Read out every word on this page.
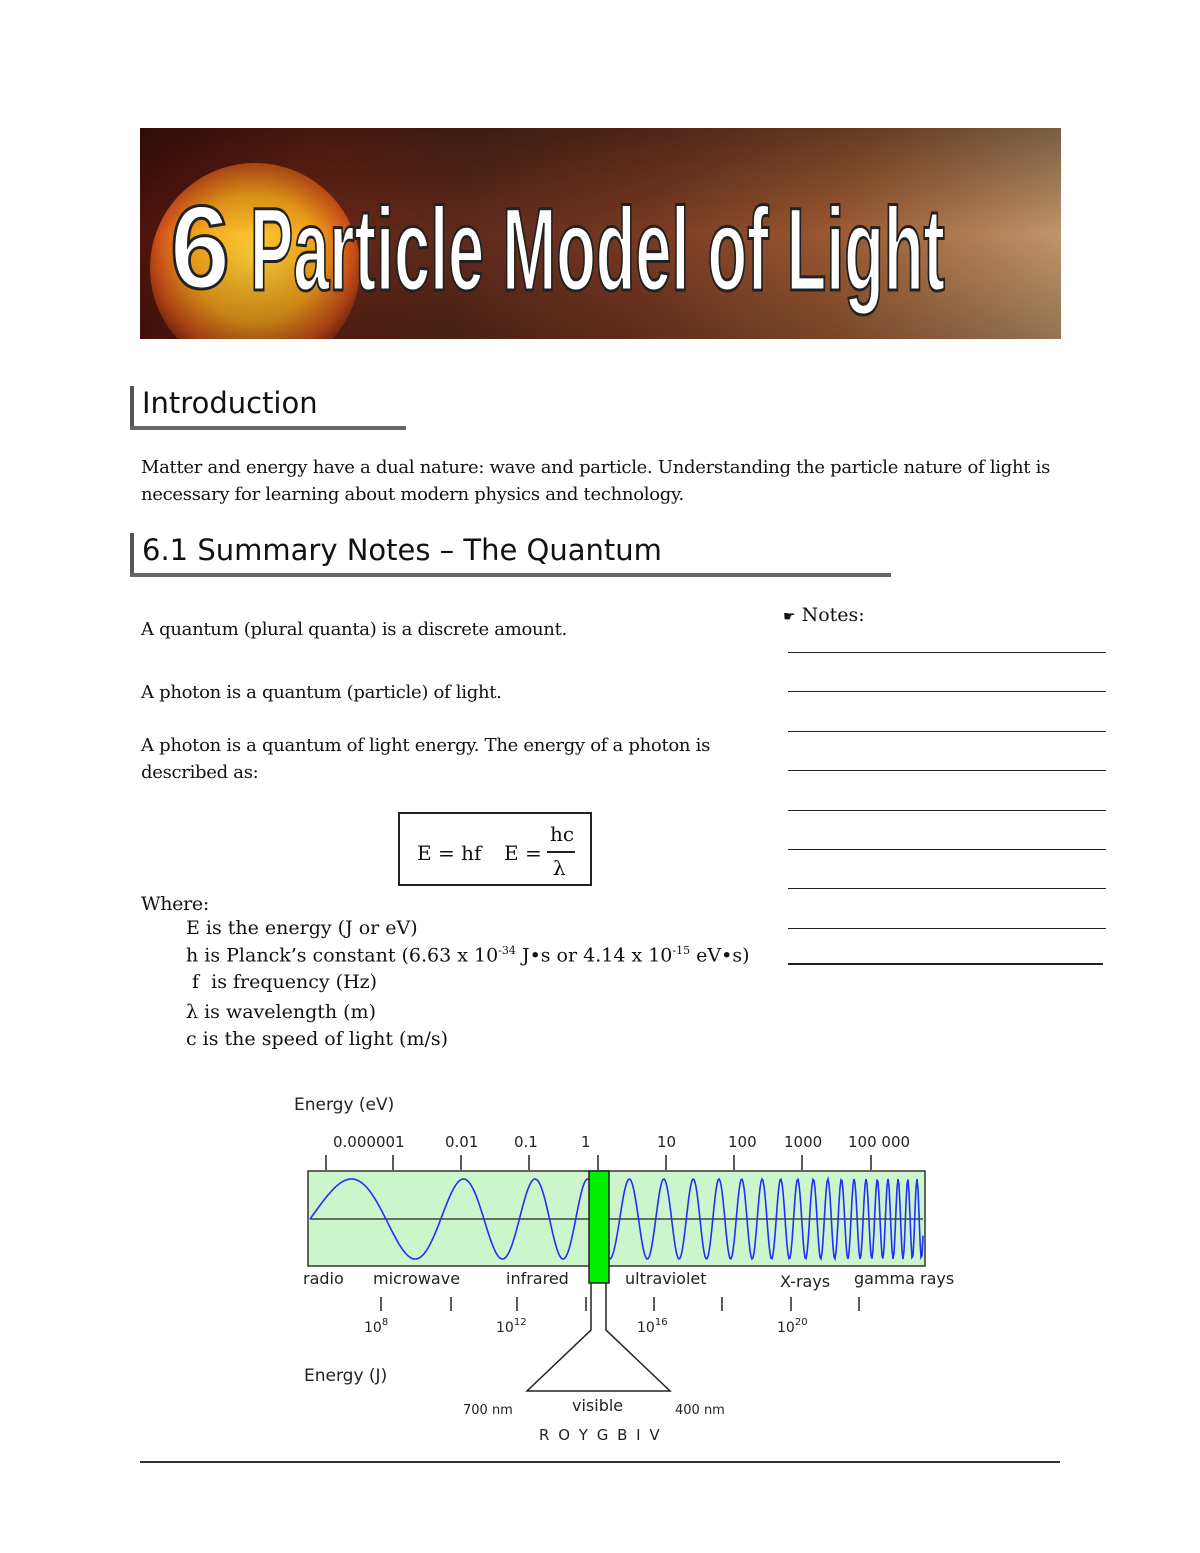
6 Particle Model of Light
Introduction
Matter and energy have a dual nature: wave and particle. Understanding the particle nature of light is
necessary for learning about modern physics and technology.
6.1 Summary Notes – The Quantum
A quantum (plural quanta) is a discrete amount.
A photon is a quantum (particle) of light.
A photon is a quantum of light energy. The energy of a photon is
described as:
E = hf E =
hc
λ
Where:
E is the energy (J or eV)
h is Planck’s constant (6.63 x $10^{-34}$ J•s or 4.14 x $10^{-15}$ eV•s)
f  is frequency (Hz)
λ is wavelength (m)
c is the speed of light (m/s)
☛ Notes:
Energy (eV)
0.000001	0.01 0.1	1	10	100 1000 100 000
radio microwave	infrared	ultraviolet	X-rays gamma rays
$10^8$	$10^{12}$	$10^{16}$	$10^{20}$
Energy (J)
visible
700 nm	400 nm
R O Y G B I V
